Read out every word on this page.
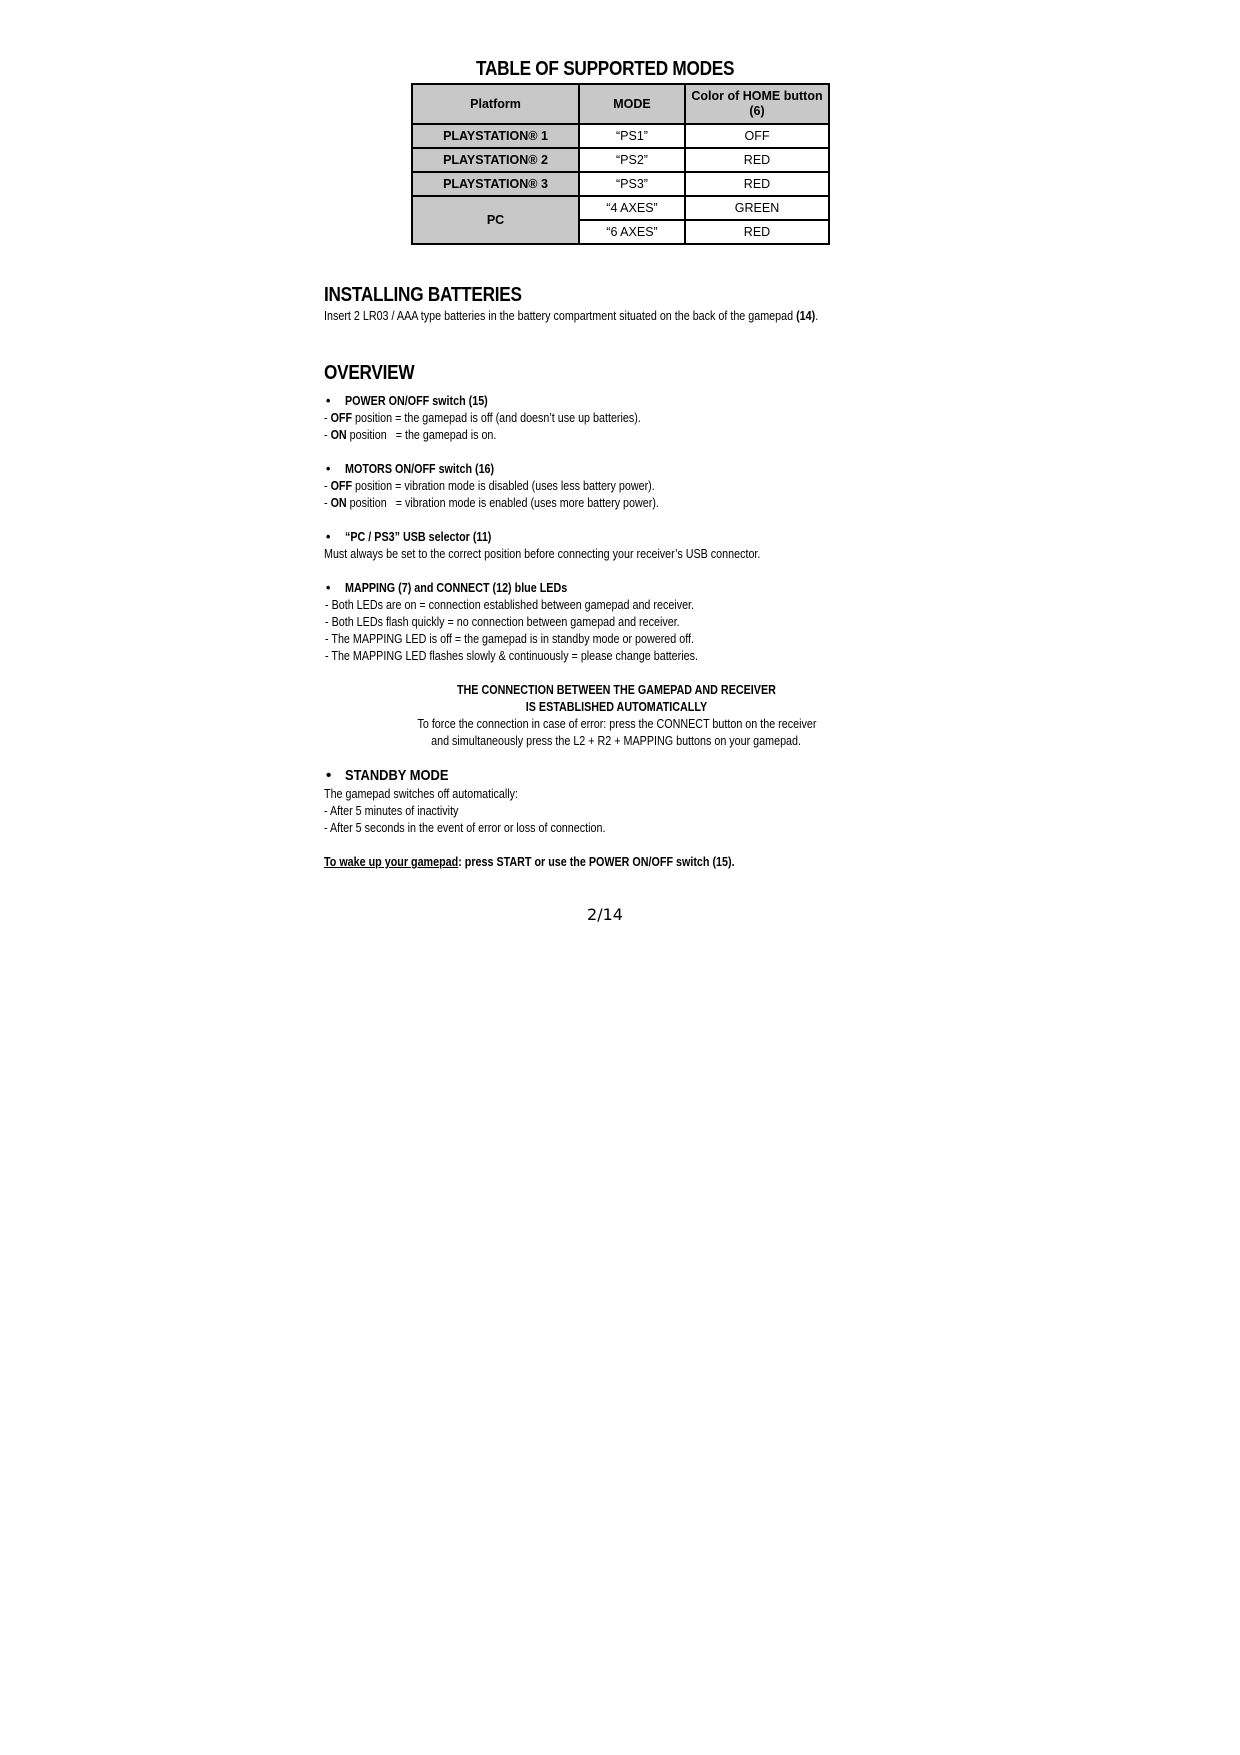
TABLE OF SUPPORTED MODES
Platform	MODE	Color of HOME button (6)
PLAYSTATION® 1	“PS1”	OFF
PLAYSTATION® 2	“PS2”	RED
PLAYSTATION® 3	“PS3”	RED
PC	“4 AXES”	GREEN
	“6 AXES”	RED
INSTALLING BATTERIES
Insert 2 LR03 / AAA type batteries in the battery compartment situated on the back of the gamepad (14).
OVERVIEW
• POWER ON/OFF switch (15)
- OFF position = the gamepad is off (and doesn’t use up batteries).
- ON position   = the gamepad is on.
• MOTORS ON/OFF switch (16)
- OFF position = vibration mode is disabled (uses less battery power).
- ON position   = vibration mode is enabled (uses more battery power).
• “PC / PS3” USB selector (11)
Must always be set to the correct position before connecting your receiver’s USB connector.
• MAPPING (7) and CONNECT (12) blue LEDs
- Both LEDs are on = connection established between gamepad and receiver.
- Both LEDs flash quickly = no connection between gamepad and receiver.
- The MAPPING LED is off = the gamepad is in standby mode or powered off.
- The MAPPING LED flashes slowly & continuously = please change batteries.
THE CONNECTION BETWEEN THE GAMEPAD AND RECEIVER
IS ESTABLISHED AUTOMATICALLY
To force the connection in case of error: press the CONNECT button on the receiver
and simultaneously press the L2 + R2 + MAPPING buttons on your gamepad.
• STANDBY MODE
The gamepad switches off automatically:
- After 5 minutes of inactivity
- After 5 seconds in the event of error or loss of connection.
To wake up your gamepad: press START or use the POWER ON/OFF switch (15).
2/14
